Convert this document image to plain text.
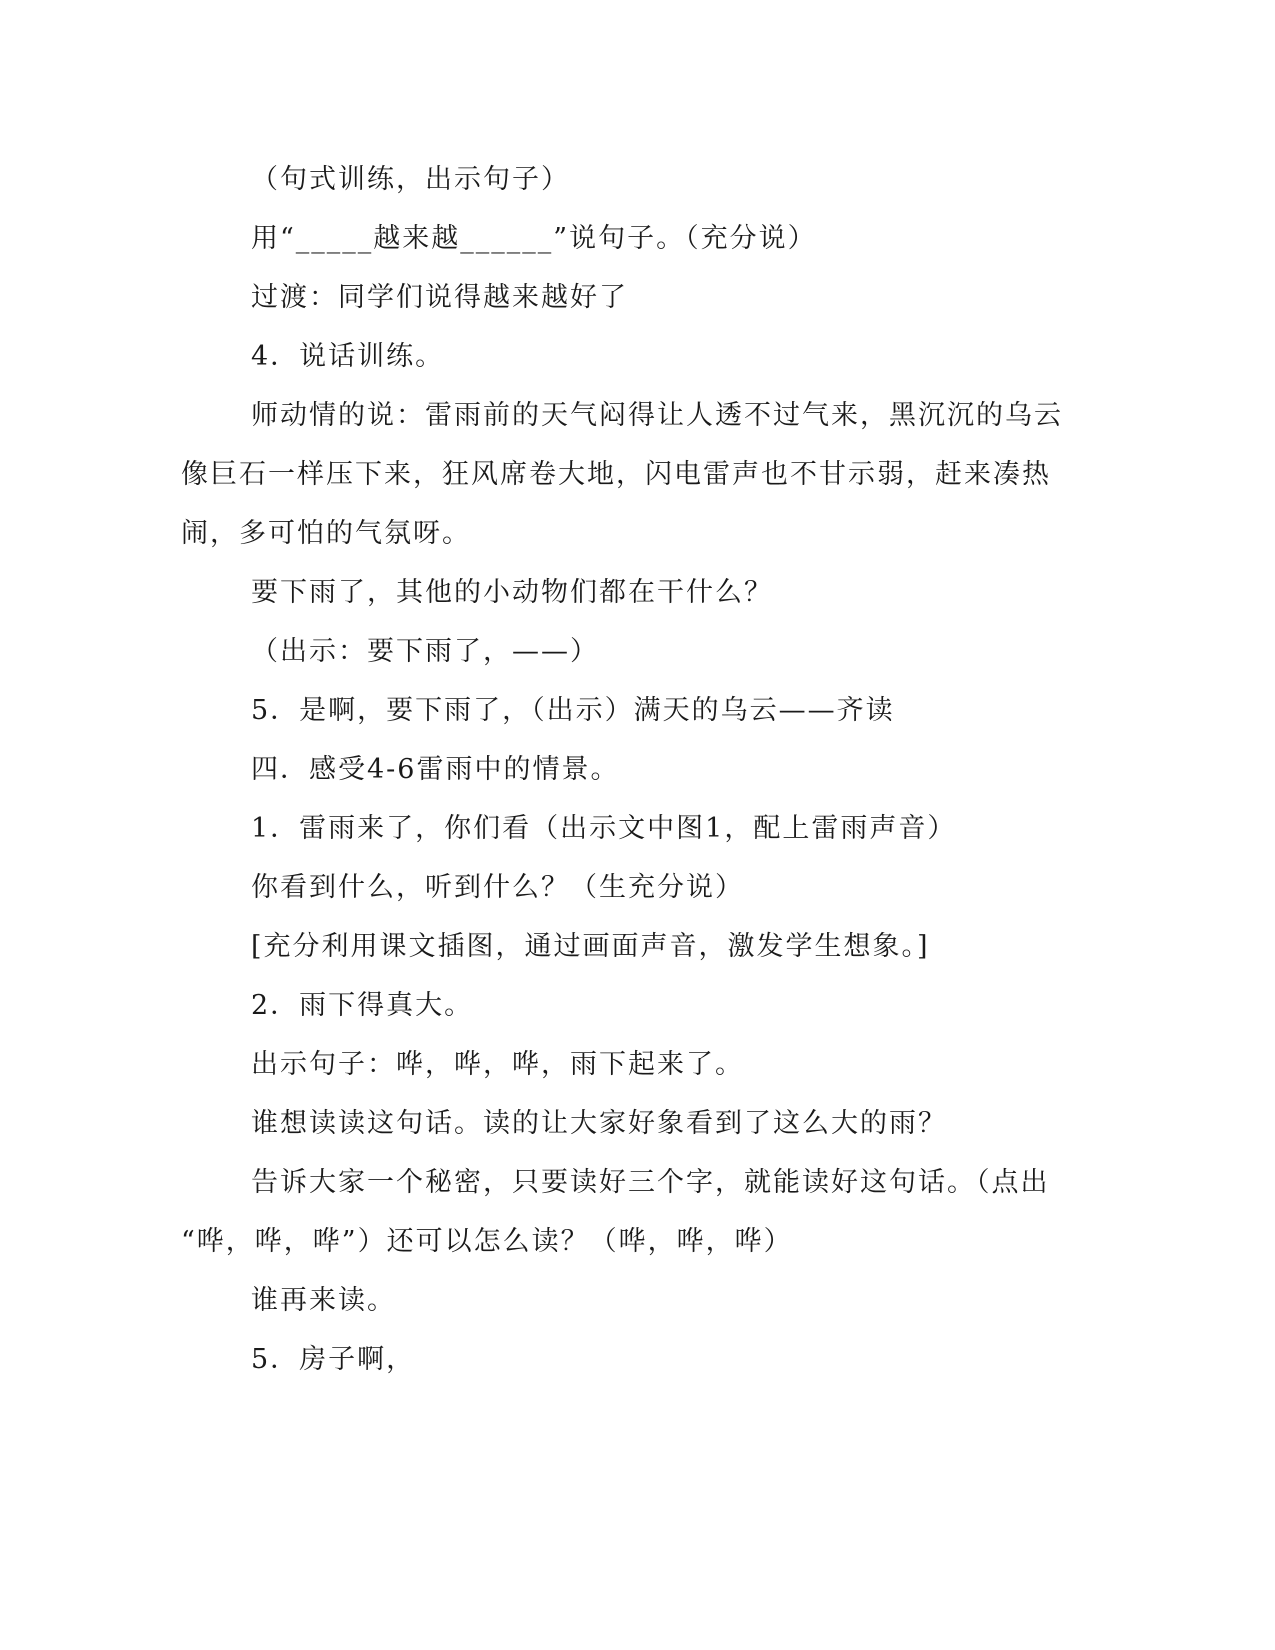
（句式训练，出示句子）
用“_____越来越______”说句子。（充分说）
过渡：同学们说得越来越好了
4．说话训练。
师动情的说：雷雨前的天气闷得让人透不过气来，黑沉沉的乌云
像巨石一样压下来，狂风席卷大地，闪电雷声也不甘示弱，赶来凑热
闹，多可怕的气氛呀。
要下雨了，其他的小动物们都在干什么？
（出示：要下雨了，——）
5．是啊，要下雨了，（出示）满天的乌云——齐读
四．感受4-6雷雨中的情景。
1．雷雨来了，你们看（出示文中图1，配上雷雨声音）
你看到什么，听到什么？（生充分说）
[充分利用课文插图，通过画面声音，激发学生想象。]
2．雨下得真大。
出示句子：哗，哗，哗，雨下起来了。
谁想读读这句话。读的让大家好象看到了这么大的雨？
告诉大家一个秘密，只要读好三个字，就能读好这句话。（点出
“哗，哗，哗”）还可以怎么读？（哗，哗，哗）
谁再来读。
5．房子啊，
